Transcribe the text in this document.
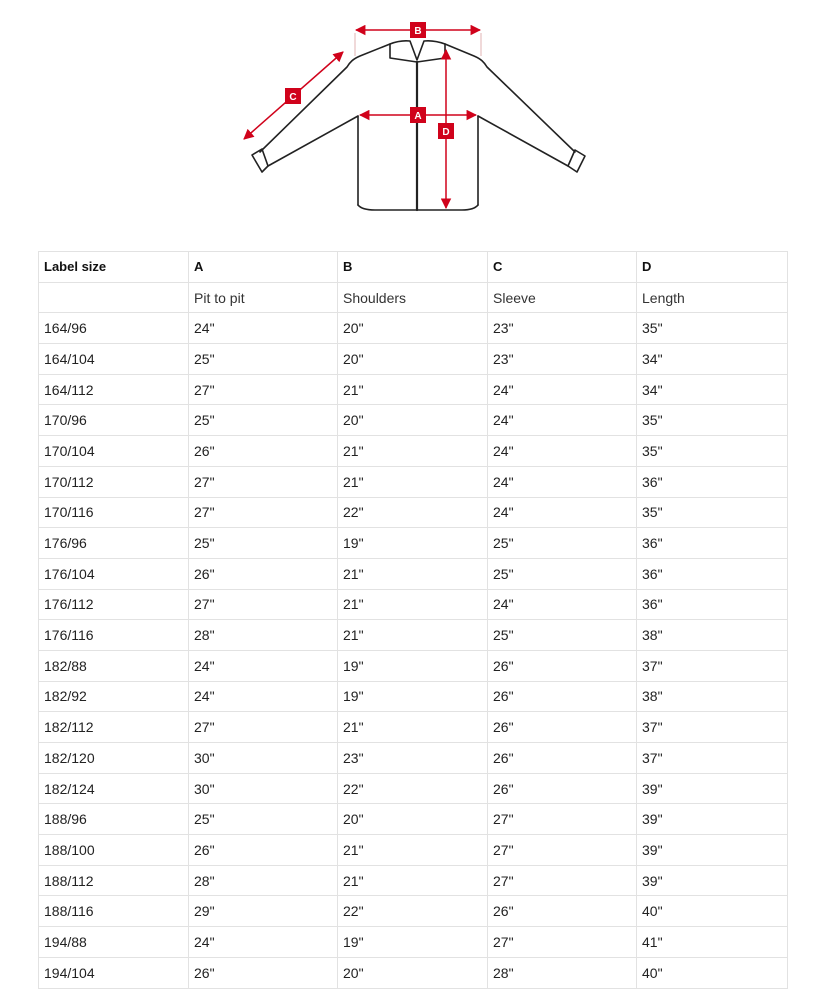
B
C
A
D
Label size	A	B	C	D
	Pit to pit	Shoulders	Sleeve	Length
164/96	24"	20"	23"	35"
164/104	25"	20"	23"	34"
164/112	27"	21"	24"	34"
170/96	25"	20"	24"	35"
170/104	26"	21"	24"	35"
170/112	27"	21"	24"	36"
170/116	27"	22"	24"	35"
176/96	25"	19"	25"	36"
176/104	26"	21"	25"	36"
176/112	27"	21"	24"	36"
176/116	28"	21"	25"	38"
182/88	24"	19"	26"	37"
182/92	24"	19"	26"	38"
182/112	27"	21"	26"	37"
182/120	30"	23"	26"	37"
182/124	30"	22"	26"	39"
188/96	25"	20"	27"	39"
188/100	26"	21"	27"	39"
188/112	28"	21"	27"	39"
188/116	29"	22"	26"	40"
194/88	24"	19"	27"	41"
194/104	26"	20"	28"	40"
